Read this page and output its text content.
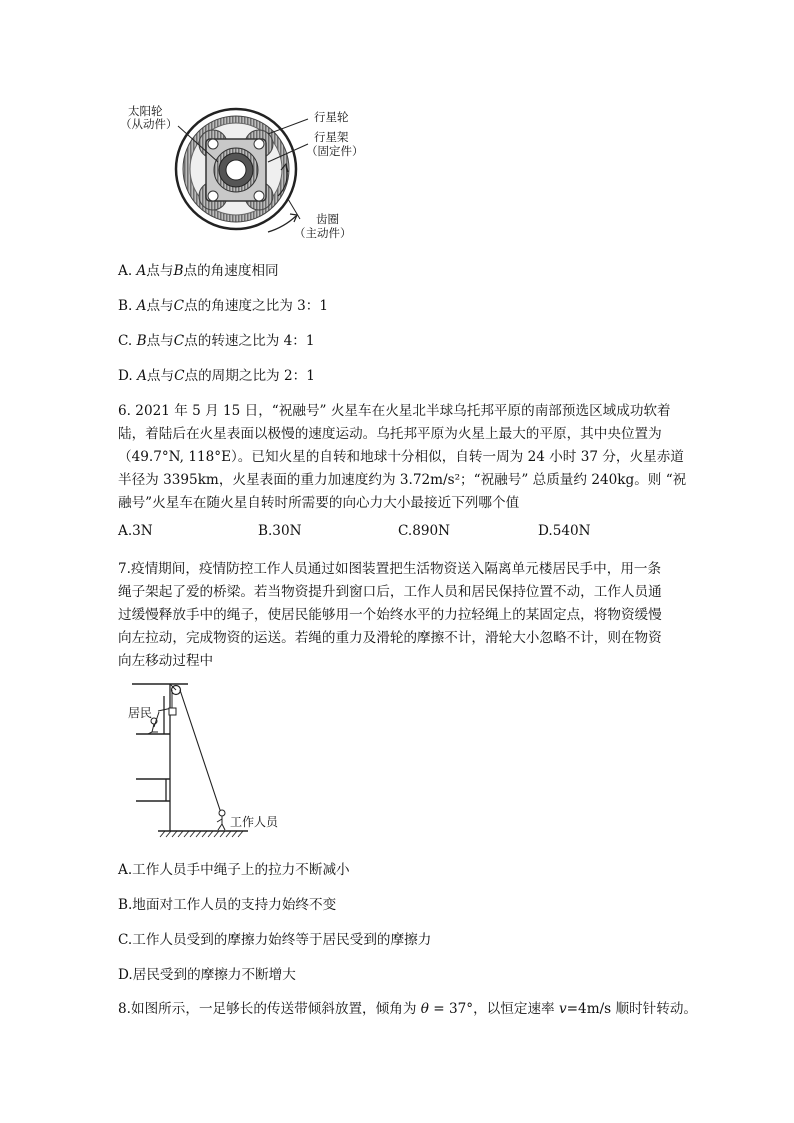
太阳轮
（从动件）	行星轮
行星架
（固定件）
齿圈
（主动件）
A. A点与B点的角速度相同
B. A点与C点的角速度之比为 3：1
C. B点与C点的转速之比为 4：1
D. A点与C点的周期之比为 2：1
6. 2021 年 5 月 15 日，“祝融号” 火星车在火星北半球乌托邦平原的南部预选区域成功软着
陆，着陆后在火星表面以极慢的速度运动。乌托邦平原为火星上最大的平原，其中央位置为
（49.7°N, 118°E）。已知火星的自转和地球十分相似，自转一周为 24 小时 37 分，火星赤道
半径为 3395km，火星表面的重力加速度约为 3.72m/s²；“祝融号” 总质量约 240kg。则 “祝
融号”火星车在随火星自转时所需要的向心力大小最接近下列哪个值
A.3N	B.30N	C.890N	D.540N
7.疫情期间，疫情防控工作人员通过如图装置把生活物资送入隔离单元楼居民手中，用一条
绳子架起了爱的桥梁。若当物资提升到窗口后，工作人员和居民保持位置不动，工作人员通
过缓慢释放手中的绳子，使居民能够用一个始终水平的力拉轻绳上的某固定点，将物资缓慢
向左拉动，完成物资的运送。若绳的重力及滑轮的摩擦不计，滑轮大小忽略不计，则在物资
向左移动过程中
居民
工作人员
A.工作人员手中绳子上的拉力不断减小
B.地面对工作人员的支持力始终不变
C.工作人员受到的摩擦力始终等于居民受到的摩擦力
D.居民受到的摩擦力不断增大
8.如图所示，一足够长的传送带倾斜放置，倾角为 θ = 37°，以恒定速率 v=4m/s 顺时针转动。
